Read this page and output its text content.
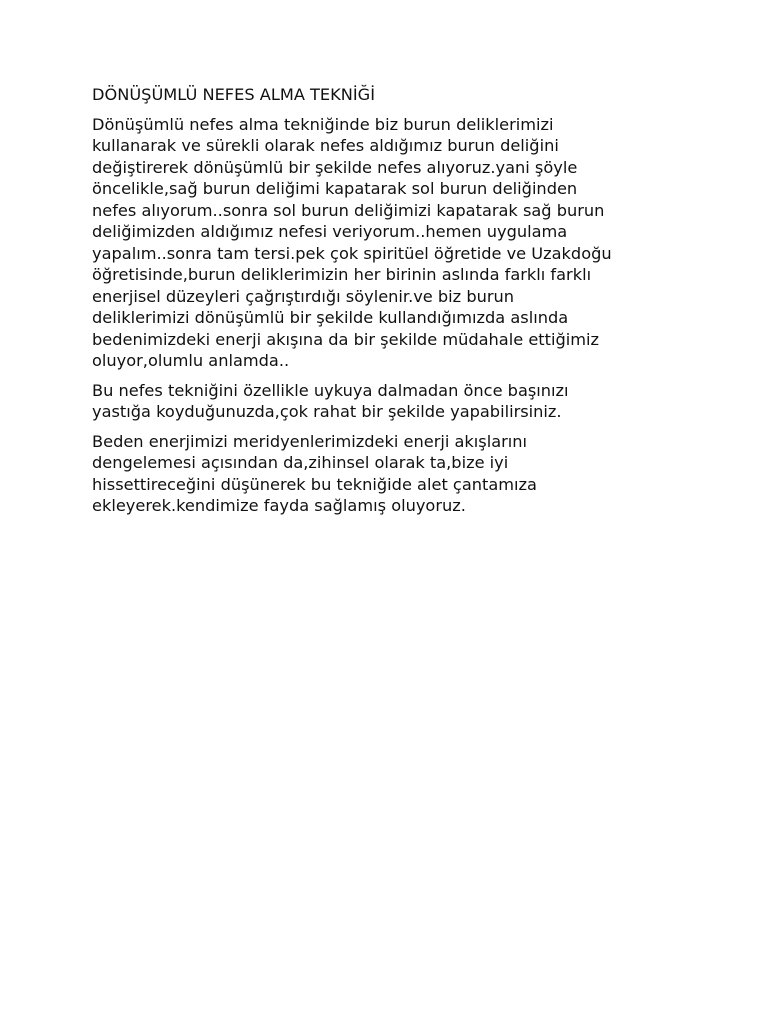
DÖNÜŞÜMLÜ NEFES ALMA TEKNİĞİ

Dönüşümlü nefes alma tekniğinde biz burun deliklerimizi
kullanarak ve sürekli olarak nefes aldığımız burun deliğini
değiştirerek dönüşümlü bir şekilde nefes alıyoruz.yani şöyle
öncelikle,sağ burun deliğimi kapatarak sol burun deliğinden
nefes alıyorum..sonra sol burun deliğimizi kapatarak sağ burun
deliğimizden aldığımız nefesi veriyorum..hemen uygulama
yapalım..sonra tam tersi.pek çok spiritüel öğretide ve Uzakdoğu
öğretisinde,burun deliklerimizin her birinin aslında farklı farklı
enerjisel düzeyleri çağrıştırdığı söylenir.ve biz burun
deliklerimizi dönüşümlü bir şekilde kullandığımızda aslında
bedenimizdeki enerji akışına da bir şekilde müdahale ettiğimiz
oluyor,olumlu anlamda..

Bu nefes tekniğini özellikle uykuya dalmadan önce başınızı
yastığa koyduğunuzda,çok rahat bir şekilde yapabilirsiniz.

Beden enerjimizi meridyenlerimizdeki enerji akışlarını
dengelemesi açısından da,zihinsel olarak ta,bize iyi
hissettireceğini düşünerek bu tekniğide alet çantamıza
ekleyerek.kendimize fayda sağlamış oluyoruz.
